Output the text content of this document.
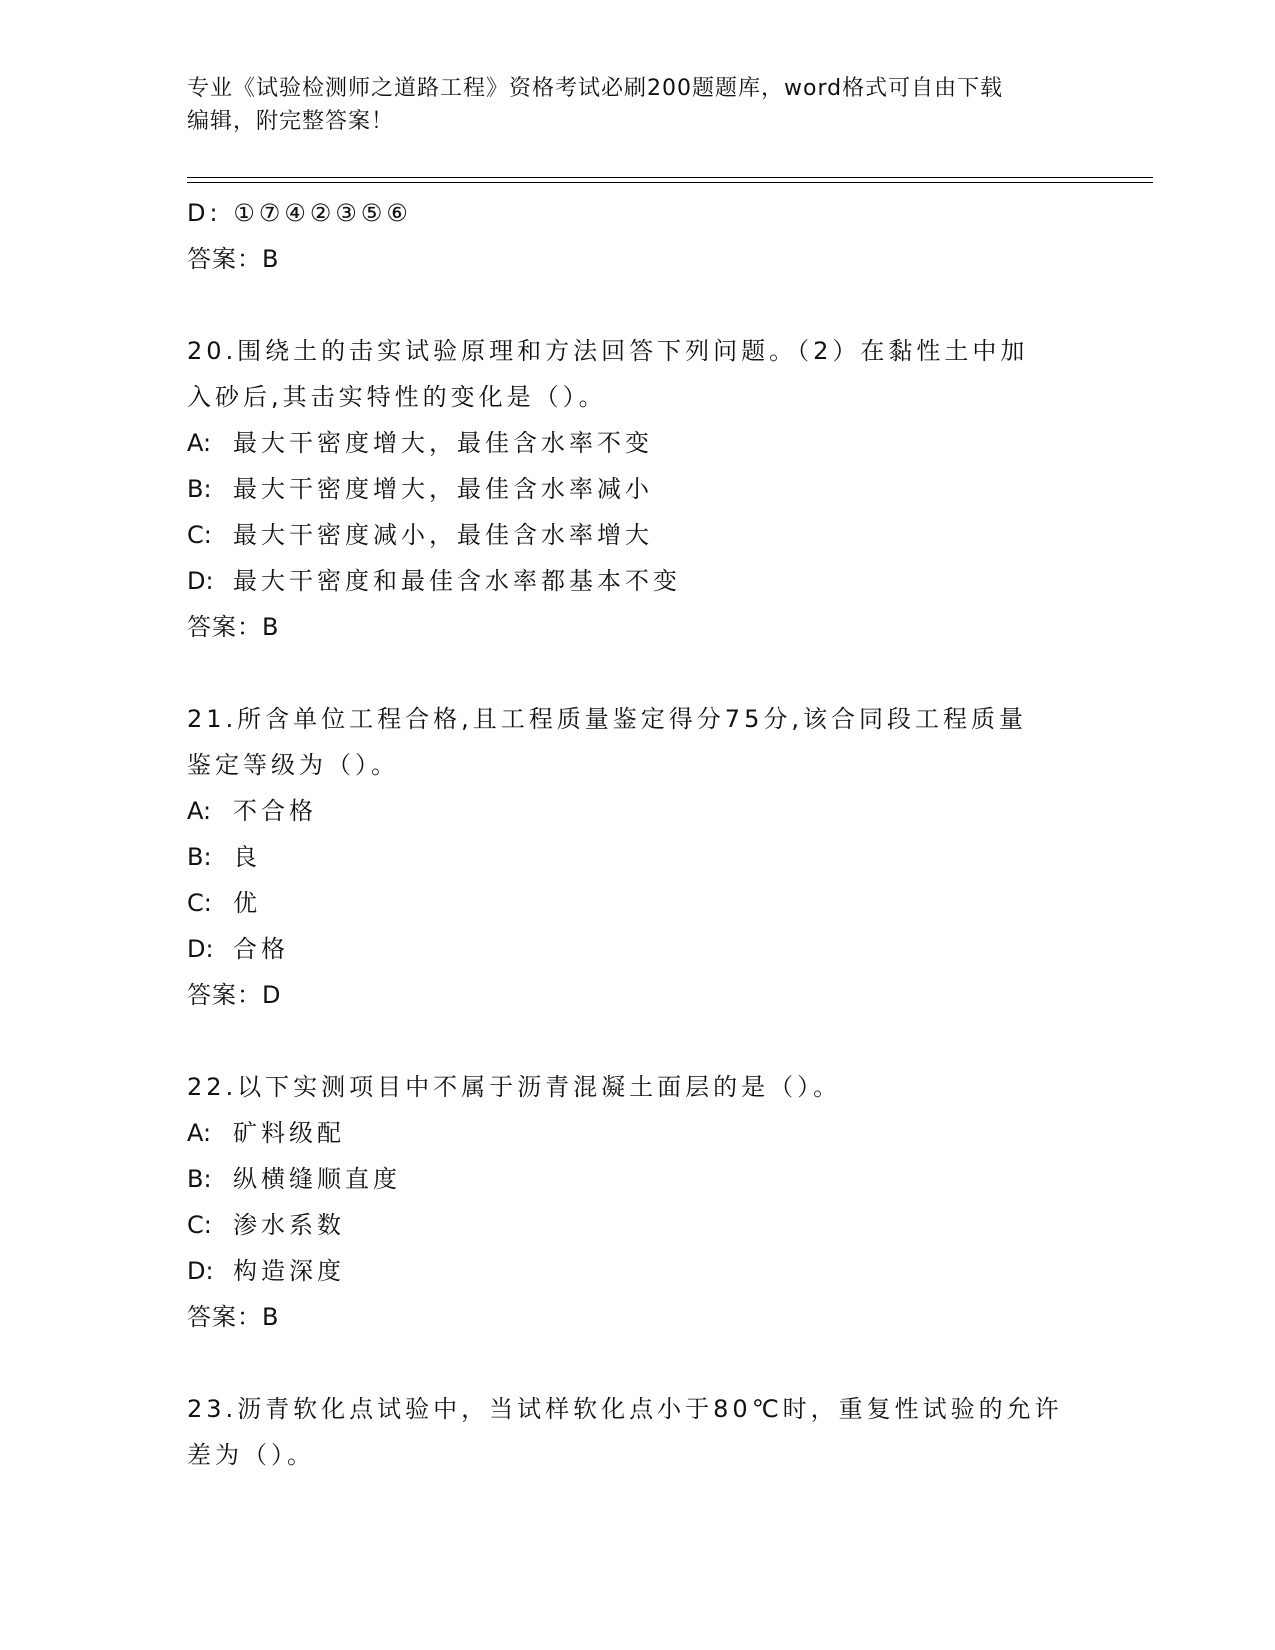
专业《试验检测师之道路工程》资格考试必刷200题题库，word格式可自由下载
编辑，附完整答案！
D: ①⑦④②③⑤⑥
答案：B
20.围绕土的击实试验原理和方法回答下列问题。（2）在黏性土中加
入砂后,其击实特性的变化是（）。
A: 最大干密度增大，最佳含水率不变
B: 最大干密度增大，最佳含水率减小
C: 最大干密度减小，最佳含水率增大
D: 最大干密度和最佳含水率都基本不变
答案：B
21.所含单位工程合格,且工程质量鉴定得分75分,该合同段工程质量
鉴定等级为（）。
A: 不合格
B: 良
C: 优
D: 合格
答案：D
22.以下实测项目中不属于沥青混凝土面层的是（）。
A: 矿料级配
B: 纵横缝顺直度
C: 渗水系数
D: 构造深度
答案：B
23.沥青软化点试验中，当试样软化点小于80℃时，重复性试验的允许
差为（）。
